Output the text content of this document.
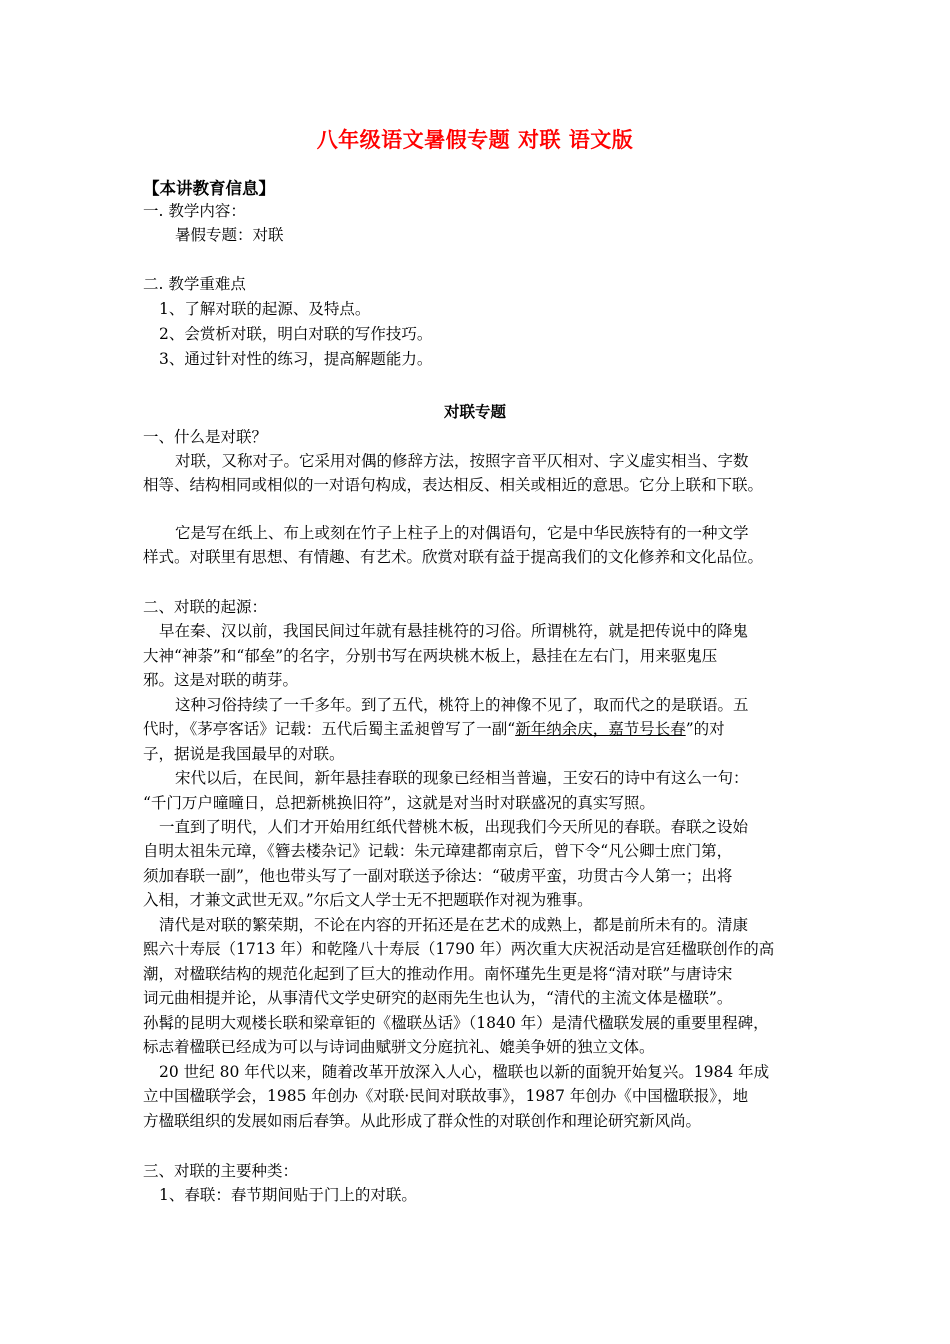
八年级语文暑假专题 对联 语文版
【本讲教育信息】
一. 教学内容：
暑假专题：对联
二. 教学重难点
1、了解对联的起源、及特点。
2、会赏析对联，明白对联的写作技巧。
3、通过针对性的练习，提高解题能力。
对联专题
一、什么是对联？
对联，又称对子。它采用对偶的修辞方法，按照字音平仄相对、字义虚实相当、字数
相等、结构相同或相似的一对语句构成，表达相反、相关或相近的意思。它分上联和下联。
它是写在纸上、布上或刻在竹子上柱子上的对偶语句，它是中华民族特有的一种文学
样式。对联里有思想、有情趣、有艺术。欣赏对联有益于提高我们的文化修养和文化品位。
二、对联的起源：
早在秦、汉以前，我国民间过年就有悬挂桃符的习俗。所谓桃符，就是把传说中的降鬼
大神“神荼”和“郁垒”的名字，分别书写在两块桃木板上，悬挂在左右门，用来驱鬼压
邪。这是对联的萌芽。
这种习俗持续了一千多年。到了五代，桃符上的神像不见了，取而代之的是联语。五
代时，《茅亭客话》记载：五代后蜀主孟昶曾写了一副“新年纳余庆，嘉节号长春”的对
子，据说是我国最早的对联。
宋代以后，在民间，新年悬挂春联的现象已经相当普遍，王安石的诗中有这么一句：
“千门万户曈曈日，总把新桃换旧符”，这就是对当时对联盛况的真实写照。
一直到了明代，人们才开始用红纸代替桃木板，出现我们今天所见的春联。春联之设始
自明太祖朱元璋，《簪去楼杂记》记载：朱元璋建都南京后，曾下令“凡公卿士庶门第，
须加春联一副”，他也带头写了一副对联送予徐达：“破虏平蛮，功贯古今人第一；出将
入相，才兼文武世无双。”尔后文人学士无不把题联作对视为雅事。
清代是对联的繁荣期，不论在内容的开拓还是在艺术的成熟上，都是前所未有的。清康
熙六十寿辰（1713 年）和乾隆八十寿辰（1790 年）两次重大庆祝活动是宫廷楹联创作的高
潮，对楹联结构的规范化起到了巨大的推动作用。南怀瑾先生更是将“清对联”与唐诗宋
词元曲相提并论，从事清代文学史研究的赵雨先生也认为，“清代的主流文体是楹联”。
孙髯的昆明大观楼长联和梁章钜的《楹联丛话》（1840 年）是清代楹联发展的重要里程碑，
标志着楹联已经成为可以与诗词曲赋骈文分庭抗礼、媲美争妍的独立文体。
20 世纪 80 年代以来，随着改革开放深入人心，楹联也以新的面貌开始复兴。1984 年成
立中国楹联学会，1985 年创办《对联·民间对联故事》，1987 年创办《中国楹联报》，地
方楹联组织的发展如雨后春笋。从此形成了群众性的对联创作和理论研究新风尚。
三、对联的主要种类：
1、春联：春节期间贴于门上的对联。
